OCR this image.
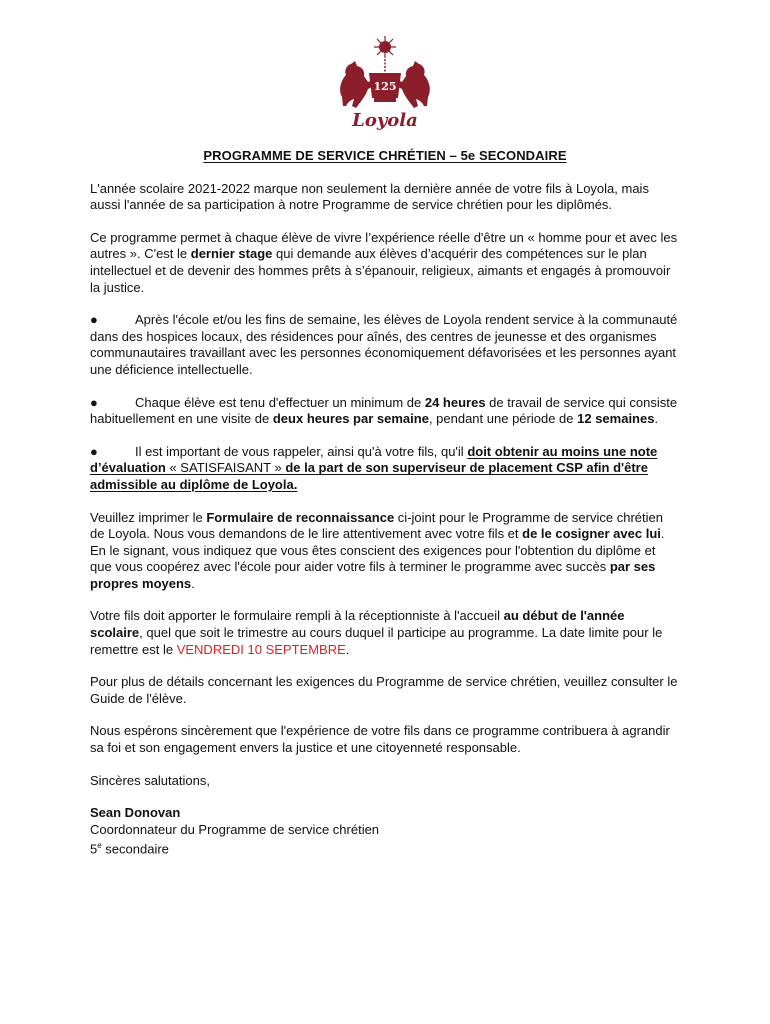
125
Loyola
PROGRAMME DE SERVICE CHRÉTIEN – 5e SECONDAIRE

L'année scolaire 2021-2022 marque non seulement la dernière année de votre fils à Loyola, mais aussi l'année de sa participation à notre Programme de service chrétien pour les diplômés.

Ce programme permet à chaque élève de vivre l’expérience réelle d'être un « homme pour et avec les autres ». C'est le dernier stage qui demande aux élèves d’acquérir des compétences sur le plan intellectuel et de devenir des hommes prêts à s’épanouir, religieux, aimants et engagés à promouvoir la justice.

●	Après l'école et/ou les fins de semaine, les élèves de Loyola rendent service à la communauté dans des hospices locaux, des résidences pour aînés, des centres de jeunesse et des organismes communautaires travaillant avec les personnes économiquement défavorisées et les personnes ayant une déficience intellectuelle.

●	Chaque élève est tenu d'effectuer un minimum de 24 heures de travail de service qui consiste habituellement en une visite de deux heures par semaine, pendant une période de 12 semaines.

●	Il est important de vous rappeler, ainsi qu'à votre fils, qu'il doit obtenir au moins une note d’évaluation « SATISFAISANT » de la part de son superviseur de placement CSP afin d'être admissible au diplôme de Loyola.

Veuillez imprimer le Formulaire de reconnaissance ci-joint pour le Programme de service chrétien de Loyola. Nous vous demandons de le lire attentivement avec votre fils et de le cosigner avec lui. En le signant, vous indiquez que vous êtes conscient des exigences pour l'obtention du diplôme et que vous coopérez avec l'école pour aider votre fils à terminer le programme avec succès par ses propres moyens.

Votre fils doit apporter le formulaire rempli à la réceptionniste à l'accueil au début de l'année scolaire, quel que soit le trimestre au cours duquel il participe au programme. La date limite pour le remettre est le VENDREDI 10 SEPTEMBRE.

Pour plus de détails concernant les exigences du Programme de service chrétien, veuillez consulter le Guide de l'élève.

Nous espérons sincèrement que l'expérience de votre fils dans ce programme contribuera à agrandir sa foi et son engagement envers la justice et une citoyenneté responsable.

Sincères salutations,

Sean Donovan

Coordonnateur du Programme de service chrétien

5e secondaire
